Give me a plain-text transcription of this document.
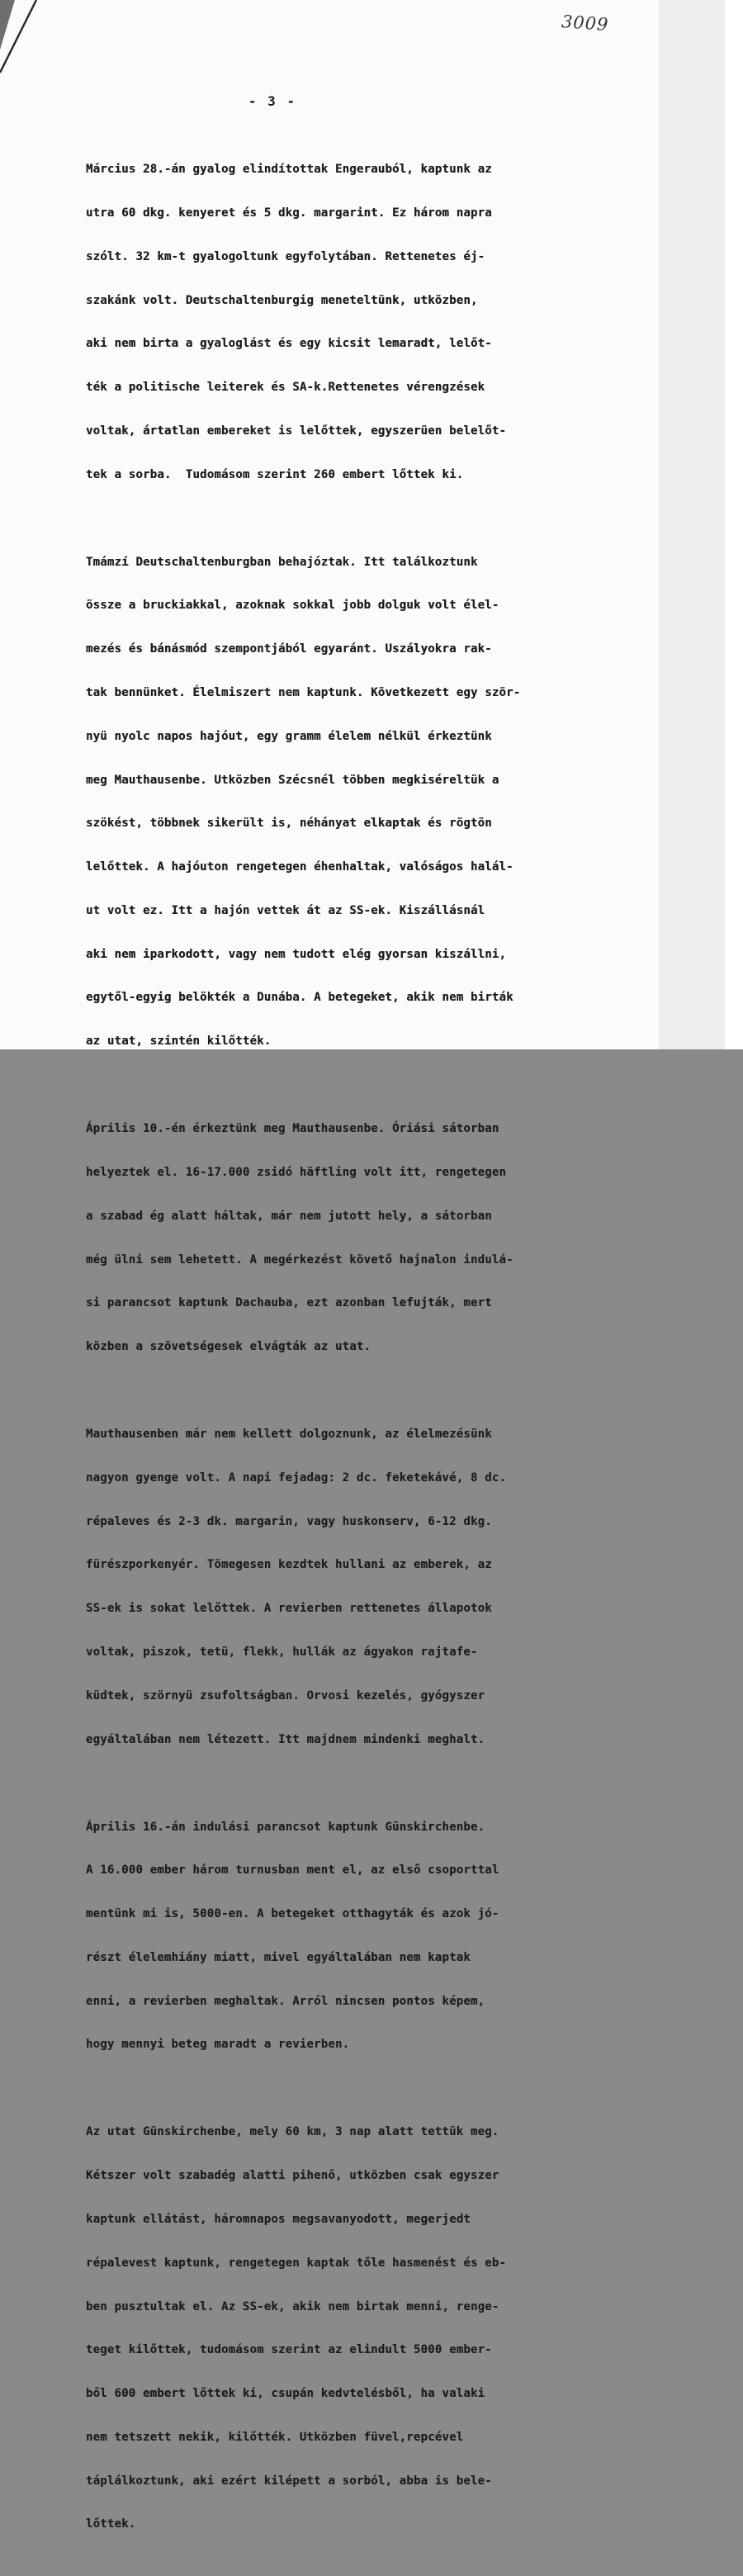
3009
- 3 -

Március 28.-án gyalog elindítottak Engerauból, kaptunk az

utra 60 dkg. kenyeret és 5 dkg. margarint. Ez három napra

szólt. 32 km-t gyalogoltunk egyfolytában. Rettenetes éj-

szakánk volt. Deutschaltenburgig meneteltünk, utközben,

aki nem birta a gyaloglást és egy kicsit lemaradt, lelőt-

ték a politische leiterek és SA-k.Rettenetes vérengzések

voltak, ártatlan embereket is lelőttek, egyszerüen belelőt-

tek a sorba.  Tudomásom szerint 260 embert lőttek ki.

Tmámzí Deutschaltenburgban behajóztak. Itt találkoztunk

össze a bruckiakkal, azoknak sokkal jobb dolguk volt élel-

mezés és bánásmód szempontjából egyaránt. Uszályokra rak-

tak bennünket. Élelmiszert nem kaptunk. Következett egy ször-

nyü nyolc napos hajóut, egy gramm élelem nélkül érkeztünk

meg Mauthausenbe. Utközben Szécsnél többen megkiséreltük a

szökést, többnek sikerült is, néhányat elkaptak és rögtön

lelőttek. A hajóuton rengetegen éhenhaltak, valóságos halál-

ut volt ez. Itt a hajón vettek át az SS-ek. Kiszállásnál

aki nem iparkodott, vagy nem tudott elég gyorsan kiszállni,

egytől-egyig belökték a Dunába. A betegeket, akik nem birták

az utat, szintén kilőtték.

Április 10.-én érkeztünk meg Mauthausenbe. Óriási sátorban

helyeztek el. 16-17.000 zsidó häftling volt itt, rengetegen

a szabad ég alatt háltak, már nem jutott hely, a sátorban

még ülni sem lehetett. A megérkezést követő hajnalon indulá-

si parancsot kaptunk Dachauba, ezt azonban lefujták, mert

közben a szövetségesek elvágták az utat.

Mauthausenben már nem kellett dolgoznunk, az élelmezésünk

nagyon gyenge volt. A napi fejadag: 2 dc. feketekávé, 8 dc.

répaleves és 2-3 dk. margarin, vagy huskonserv, 6-12 dkg.

fürészporkenyér. Tömegesen kezdtek hullani az emberek, az

SS-ek is sokat lelőttek. A revierben rettenetes állapotok

voltak, piszok, tetü, flekk, hullák az ágyakon rajtafe-

küdtek, szörnyü zsufoltságban. Orvosi kezelés, gyógyszer

egyáltalában nem létezett. Itt majdnem mindenki meghalt.

Április 16.-án indulási parancsot kaptunk Günskirchenbe.

A 16.000 ember három turnusban ment el, az első csoporttal

mentünk mi is, 5000-en. A betegeket otthagyták és azok jó-

részt élelemhiány miatt, mivel egyáltalában nem kaptak

enni, a revierben meghaltak. Arról nincsen pontos képem,

hogy mennyi beteg maradt a revierben.

Az utat Günskirchenbe, mely 60 km, 3 nap alatt tettük meg.

Kétszer volt szabadég alatti pihenő, utközben csak egyszer

kaptunk ellátást, háromnapos megsavanyodott, megerjedt

répalevest kaptunk, rengetegen kaptak tőle hasmenést és eb-

ben pusztultak el. Az SS-ek, akik nem birtak menni, renge-

teget kilőttek, tudomásom szerint az elindult 5000 ember-

ből 600 embert lőttek ki, csupán kedvtelésből, ha valaki

nem tetszett nekik, kilőtték. Utközben füvel,repcével

táplálkoztunk, aki ezért kilépett a sorból, abba is bele-

lőttek.
